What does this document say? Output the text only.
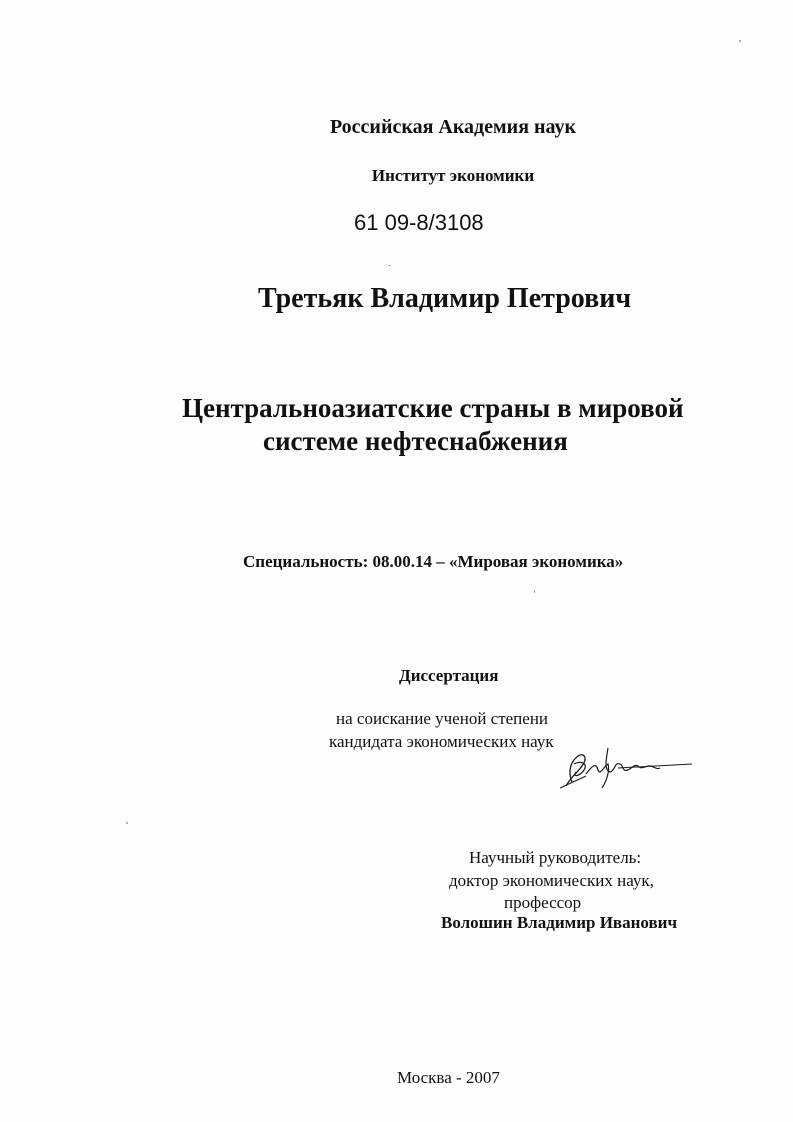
Российская Академия наук
Институт экономики
61 09-8/3108
Третьяк Владимир Петрович
Центральноазиатские страны в мировой
системе нефтеснабжения
Специальность: 08.00.14 – «Мировая экономика»
Диссертация
на соискание ученой степени
кандидата экономических наук
Научный руководитель:
доктор экономических наук,
профессор
Волошин Владимир Иванович
Москва - 2007
